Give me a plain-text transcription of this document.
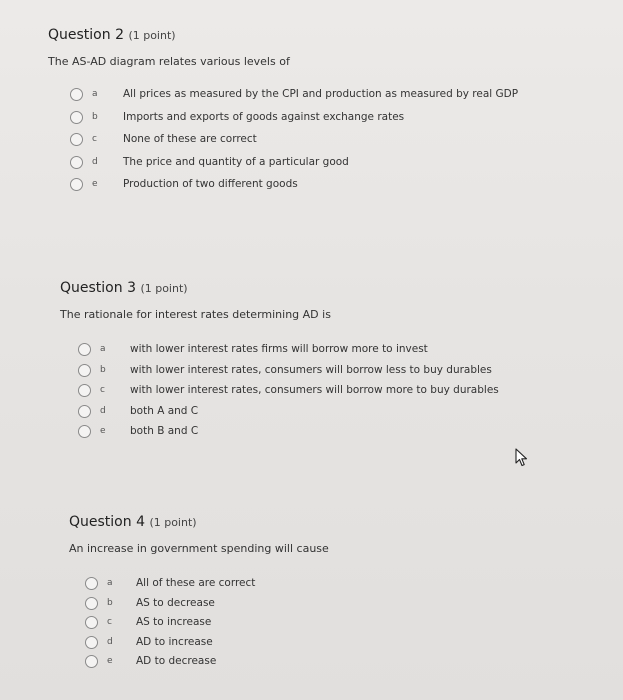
Question 2 (1 point)
The AS-AD diagram relates various levels of
a All prices as measured by the CPI and production as measured by real GDP
b Imports and exports of goods against exchange rates
c None of these are correct
d The price and quantity of a particular good
e Production of two different goods
Question 3 (1 point)
The rationale for interest rates determining AD is
a with lower interest rates firms will borrow more to invest
b with lower interest rates, consumers will borrow less to buy durables
c with lower interest rates, consumers will borrow more to buy durables
d both A and C
e both B and C
Question 4 (1 point)
An increase in government spending will cause
a All of these are correct
b AS to decrease
c AS to increase
d AD to increase
e AD to decrease
